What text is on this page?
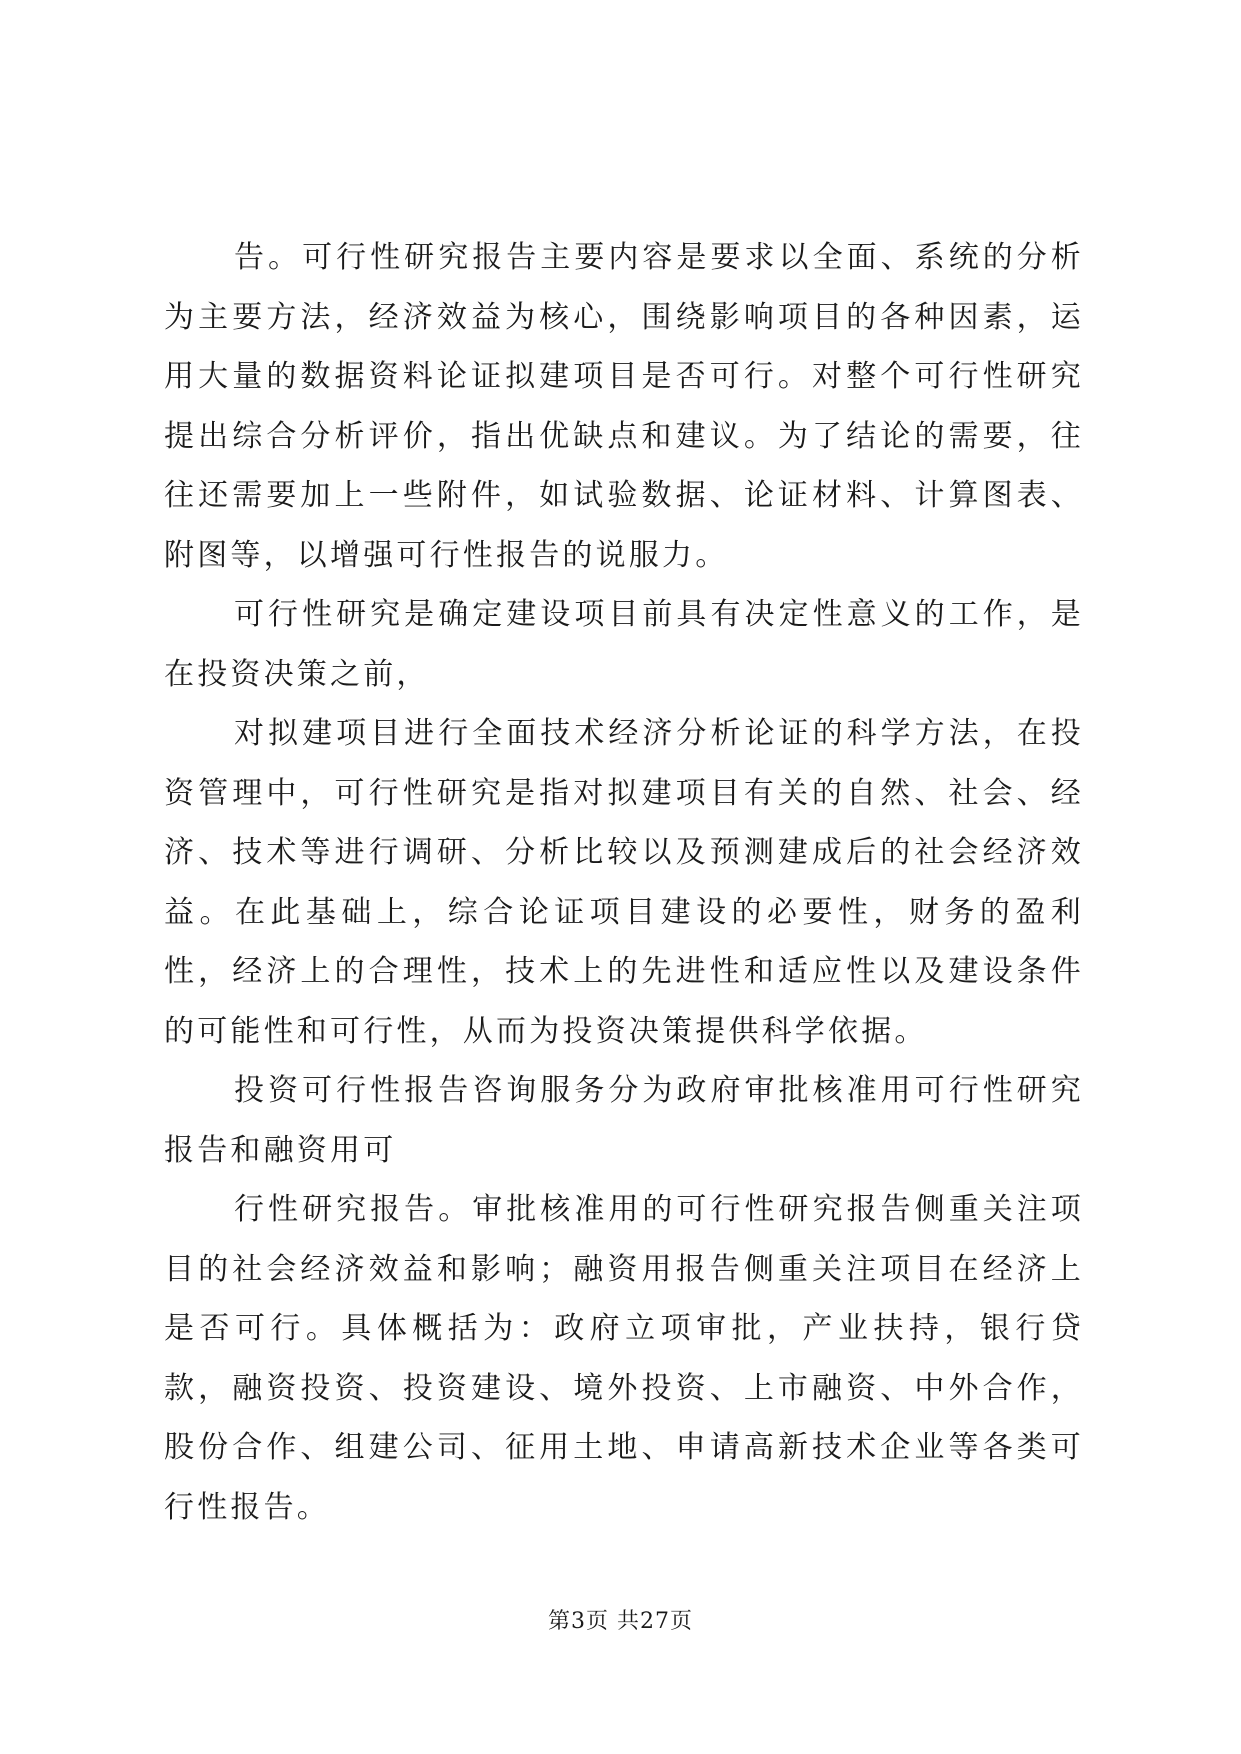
告。可行性研究报告主要内容是要求以全面、系统的分析为主要方法，经济效益为核心，围绕影响项目的各种因素，运用大量的数据资料论证拟建项目是否可行。对整个可行性研究提出综合分析评价，指出优缺点和建议。为了结论的需要，往往还需要加上一些附件，如试验数据、论证材料、计算图表、附图等，以增强可行性报告的说服力。

可行性研究是确定建设项目前具有决定性意义的工作，是在投资决策之前，

对拟建项目进行全面技术经济分析论证的科学方法，在投资管理中，可行性研究是指对拟建项目有关的自然、社会、经济、技术等进行调研、分析比较以及预测建成后的社会经济效益。在此基础上，综合论证项目建设的必要性，财务的盈利性，经济上的合理性，技术上的先进性和适应性以及建设条件的可能性和可行性，从而为投资决策提供科学依据。

投资可行性报告咨询服务分为政府审批核准用可行性研究报告和融资用可

行性研究报告。审批核准用的可行性研究报告侧重关注项目的社会经济效益和影响；融资用报告侧重关注项目在经济上是否可行。具体概括为：政府立项审批，产业扶持，银行贷款，融资投资、投资建设、境外投资、上市融资、中外合作，股份合作、组建公司、征用土地、申请高新技术企业等各类可行性报告。

第3页 共27页
